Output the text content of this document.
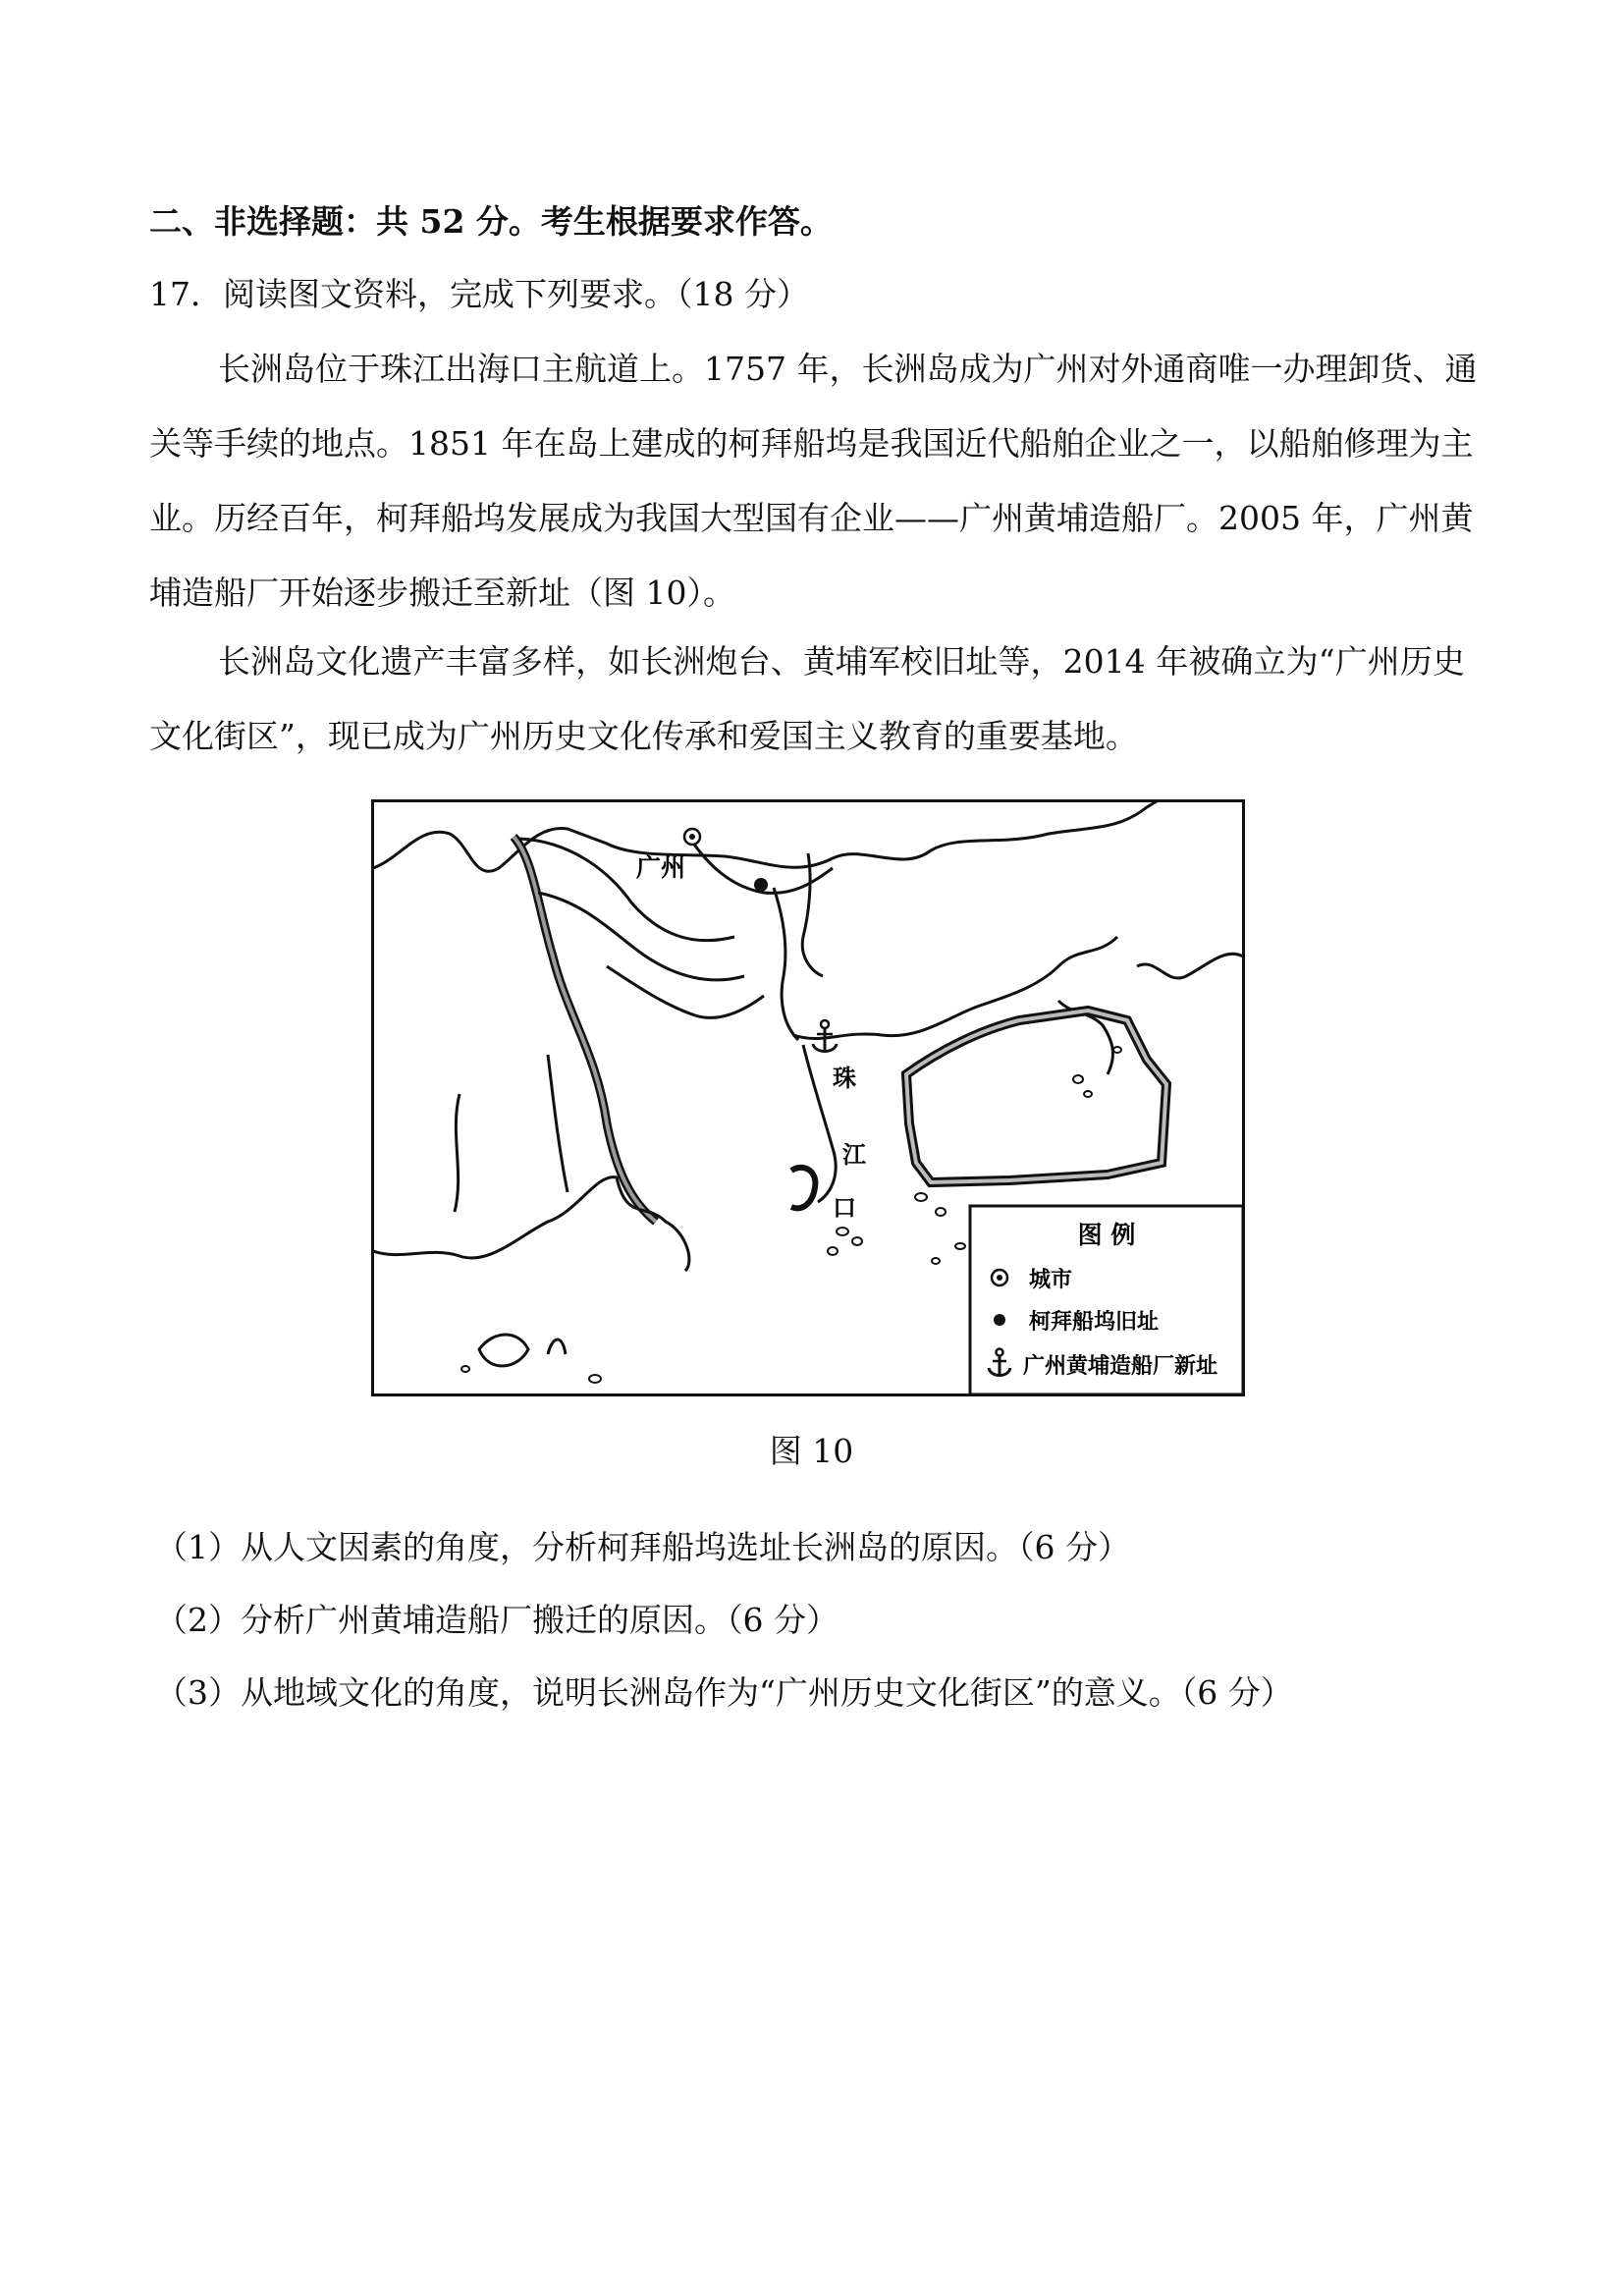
二、非选择题：共 52 分。考生根据要求作答。
17．阅读图文资料，完成下列要求。（18 分）
长洲岛位于珠江出海口主航道上。1757 年，长洲岛成为广州对外通商唯一办理卸货、通
关等手续的地点。1851 年在岛上建成的柯拜船坞是我国近代船舶企业之一，以船舶修理为主
业。历经百年，柯拜船坞发展成为我国大型国有企业——广州黄埔造船厂。2005 年，广州黄
埔造船厂开始逐步搬迁至新址（图 10）。
长洲岛文化遗产丰富多样，如长洲炮台、黄埔军校旧址等，2014 年被确立为“广州历史
文化街区”，现已成为广州历史文化传承和爱国主义教育的重要基地。
广州
珠
江
口
图 例
城市
柯拜船坞旧址
广州黄埔造船厂新址
图 10
（1）从人文因素的角度，分析柯拜船坞选址长洲岛的原因。（6 分）
（2）分析广州黄埔造船厂搬迁的原因。（6 分）
（3）从地域文化的角度，说明长洲岛作为“广州历史文化街区”的意义。（6 分）
